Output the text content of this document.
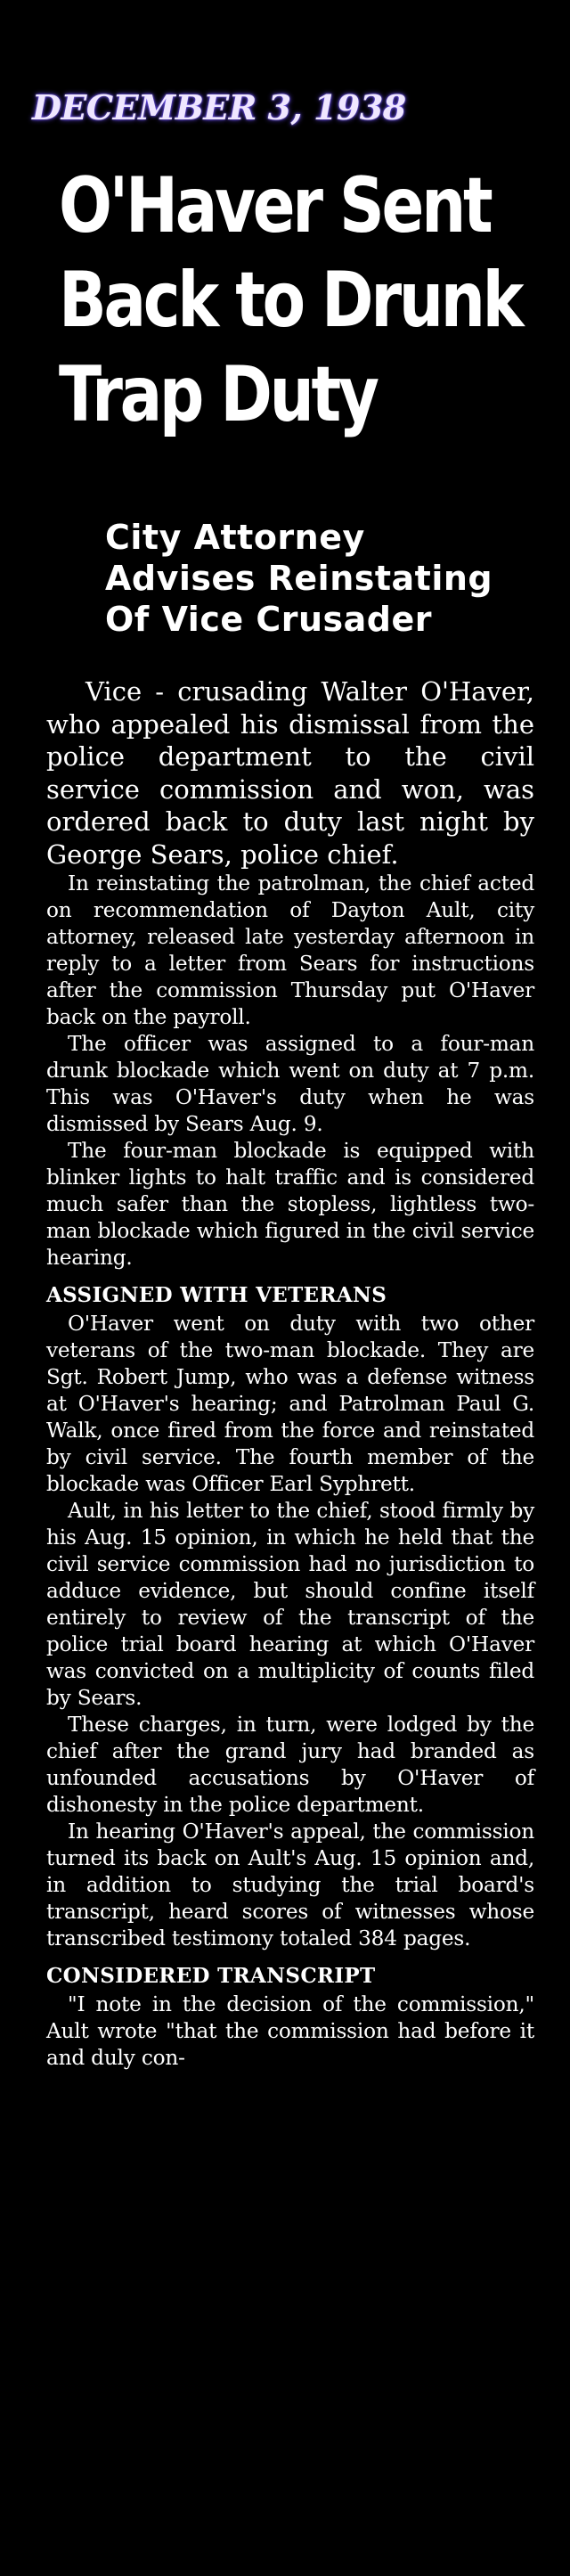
DECEMBER 3, 1938
O'Haver Sent
Back to Drunk
Trap Duty
City Attorney
Advises Reinstating
Of Vice Crusader

Vice - crusading Walter O'Haver, who appealed his dismissal from the police department to the civil service commission and won, was ordered back to duty last night by George Sears, police chief.

In reinstating the patrolman, the chief acted on recommendation of Dayton Ault, city attorney, released late yesterday afternoon in reply to a letter from Sears for instructions after the commission Thursday put O'Haver back on the payroll.

The officer was assigned to a four-man drunk blockade which went on duty at 7 p.m. This was O'Haver's duty when he was dismissed by Sears Aug. 9.

The four-man blockade is equipped with blinker lights to halt traffic and is considered much safer than the stopless, lightless two-man blockade which figured in the civil service hearing.

ASSIGNED WITH VETERANS

O'Haver went on duty with two other veterans of the two-man blockade. They are Sgt. Robert Jump, who was a defense witness at O'Haver's hearing; and Patrolman Paul G. Walk, once fired from the force and reinstated by civil service. The fourth member of the blockade was Officer Earl Syphrett.

Ault, in his letter to the chief, stood firmly by his Aug. 15 opinion, in which he held that the civil service commission had no jurisdiction to adduce evidence, but should confine itself entirely to review of the transcript of the police trial board hearing at which O'Haver was convicted on a multiplicity of counts filed by Sears.

These charges, in turn, were lodged by the chief after the grand jury had branded as unfounded accusations by O'Haver of dishonesty in the police department.

In hearing O'Haver's appeal, the commission turned its back on Ault's Aug. 15 opinion and, in addition to studying the trial board's transcript, heard scores of witnesses whose transcribed testimony totaled 384 pages.

CONSIDERED TRANSCRIPT

"I note in the decision of the commission," Ault wrote "that the commission had before it and duly con-
